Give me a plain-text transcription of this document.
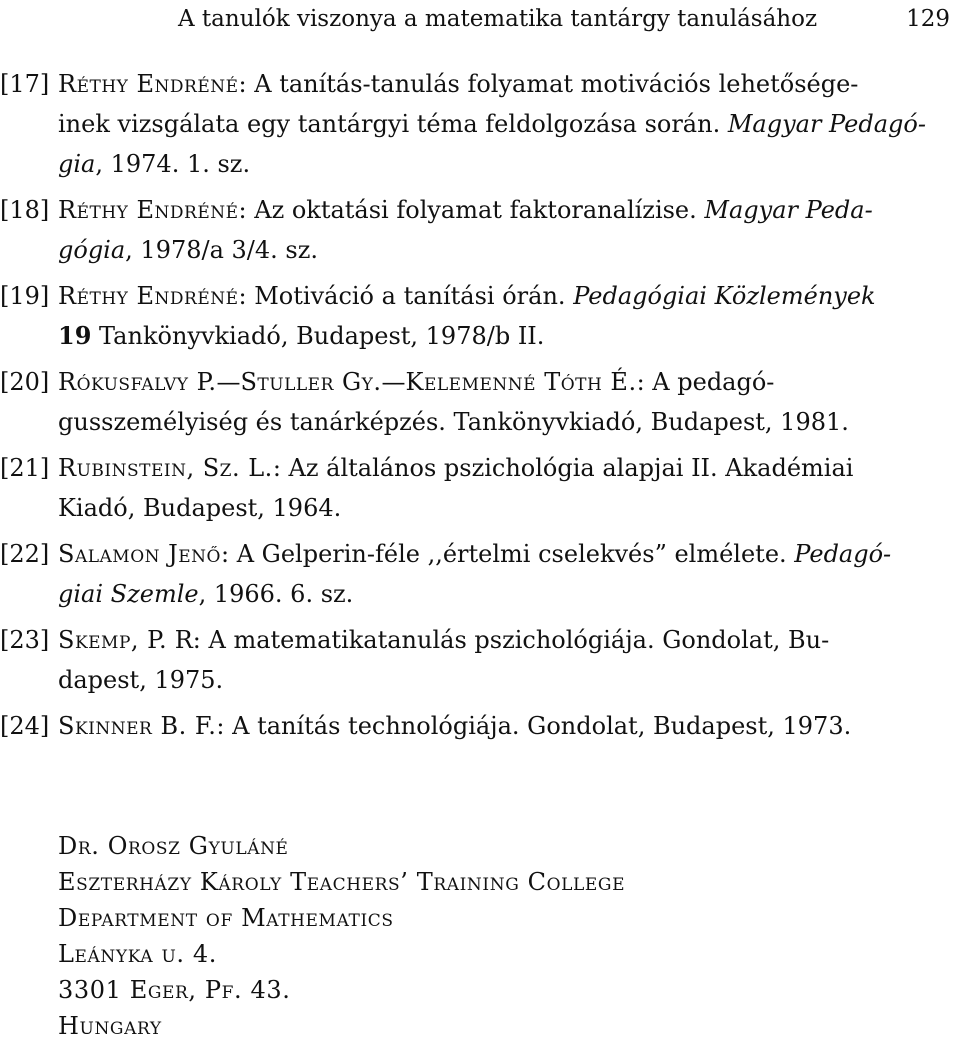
A tanulók viszonya a matematika tantárgy tanulásához	129
[17] Réthy Endréné: A tanítás-tanulás folyamat motivációs lehetősége-
inek vizsgálata egy tantárgyi téma feldolgozása során. Magyar Pedagó-
gia, 1974. 1. sz.
[18] Réthy Endréné: Az oktatási folyamat faktoranalízise. Magyar Peda-
gógia, 1978/a 3/4. sz.
[19] Réthy Endréné: Motiváció a tanítási órán. Pedagógiai Közlemények
19 Tankönyvkiadó, Budapest, 1978/b II.
[20] Rókusfalvy P.—Stuller Gy.—Kelemenné Tóth É.: A pedagó-
gusszemélyiség és tanárképzés. Tankönyvkiadó, Budapest, 1981.
[21] Rubinstein, Sz. L.: Az általános pszichológia alapjai II. Akadémiai
Kiadó, Budapest, 1964.
[22] Salamon Jenő: A Gelperin-féle ,,értelmi cselekvés” elmélete. Pedagó-
giai Szemle, 1966. 6. sz.
[23] Skemp, P. R: A matematikatanulás pszichológiája. Gondolat, Bu-
dapest, 1975.
[24] Skinner B. F.: A tanítás technológiája. Gondolat, Budapest, 1973.
Dr. Orosz Gyuláné
Eszterházy Károly Teachers’ Training College
Department of Mathematics
Leányka u. 4.
3301 Eger, Pf. 43.
Hungary
